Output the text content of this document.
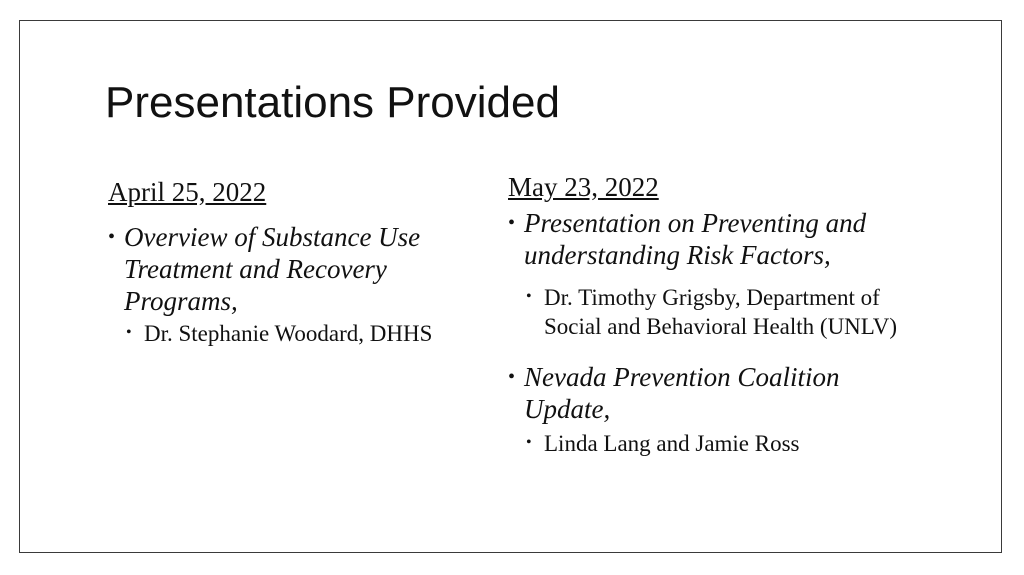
Presentations Provided
April 25, 2022
• Overview of Substance Use Treatment and Recovery Programs,
• Dr. Stephanie Woodard, DHHS
May 23, 2022
• Presentation on Preventing and understanding Risk Factors,
• Dr. Timothy Grigsby, Department of Social and Behavioral Health (UNLV)
• Nevada Prevention Coalition Update,
• Linda Lang and Jamie Ross
